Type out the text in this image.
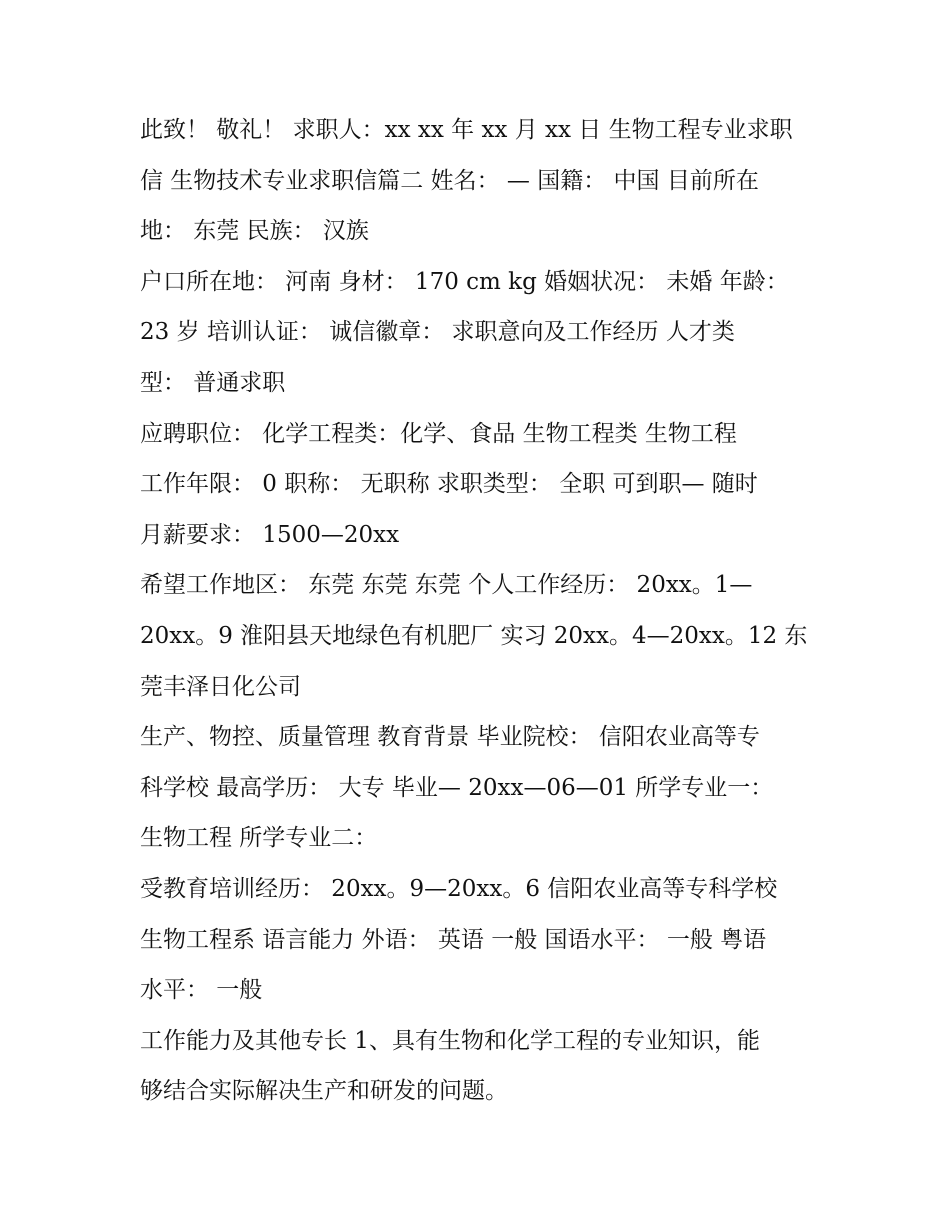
此致！ 敬礼！ 求职人：xx xx 年 xx 月 xx 日 生物工程专业求职
信 生物技术专业求职信篇二 姓名： — 国籍： 中国 目前所在
地： 东莞 民族： 汉族
户口所在地： 河南 身材： 170 cm kg 婚姻状况： 未婚 年龄：
23 岁 培训认证： 诚信徽章： 求职意向及工作经历 人才类
型： 普通求职
应聘职位： 化学工程类：化学、食品 生物工程类 生物工程
工作年限： 0 职称： 无职称 求职类型： 全职 可到职— 随时
月薪要求： 1500—20xx
希望工作地区： 东莞 东莞 东莞 个人工作经历： 20xx。1—
20xx。9 淮阳县天地绿色有机肥厂 实习 20xx。4—20xx。12 东
莞丰泽日化公司
生产、物控、质量管理 教育背景 毕业院校： 信阳农业高等专
科学校 最高学历： 大专 毕业— 20xx—06—01 所学专业一：
生物工程 所学专业二：
受教育培训经历： 20xx。9—20xx。6 信阳农业高等专科学校
生物工程系 语言能力 外语： 英语 一般 国语水平： 一般 粤语
水平： 一般
工作能力及其他专长 1、具有生物和化学工程的专业知识，能
够结合实际解决生产和研发的问题。
